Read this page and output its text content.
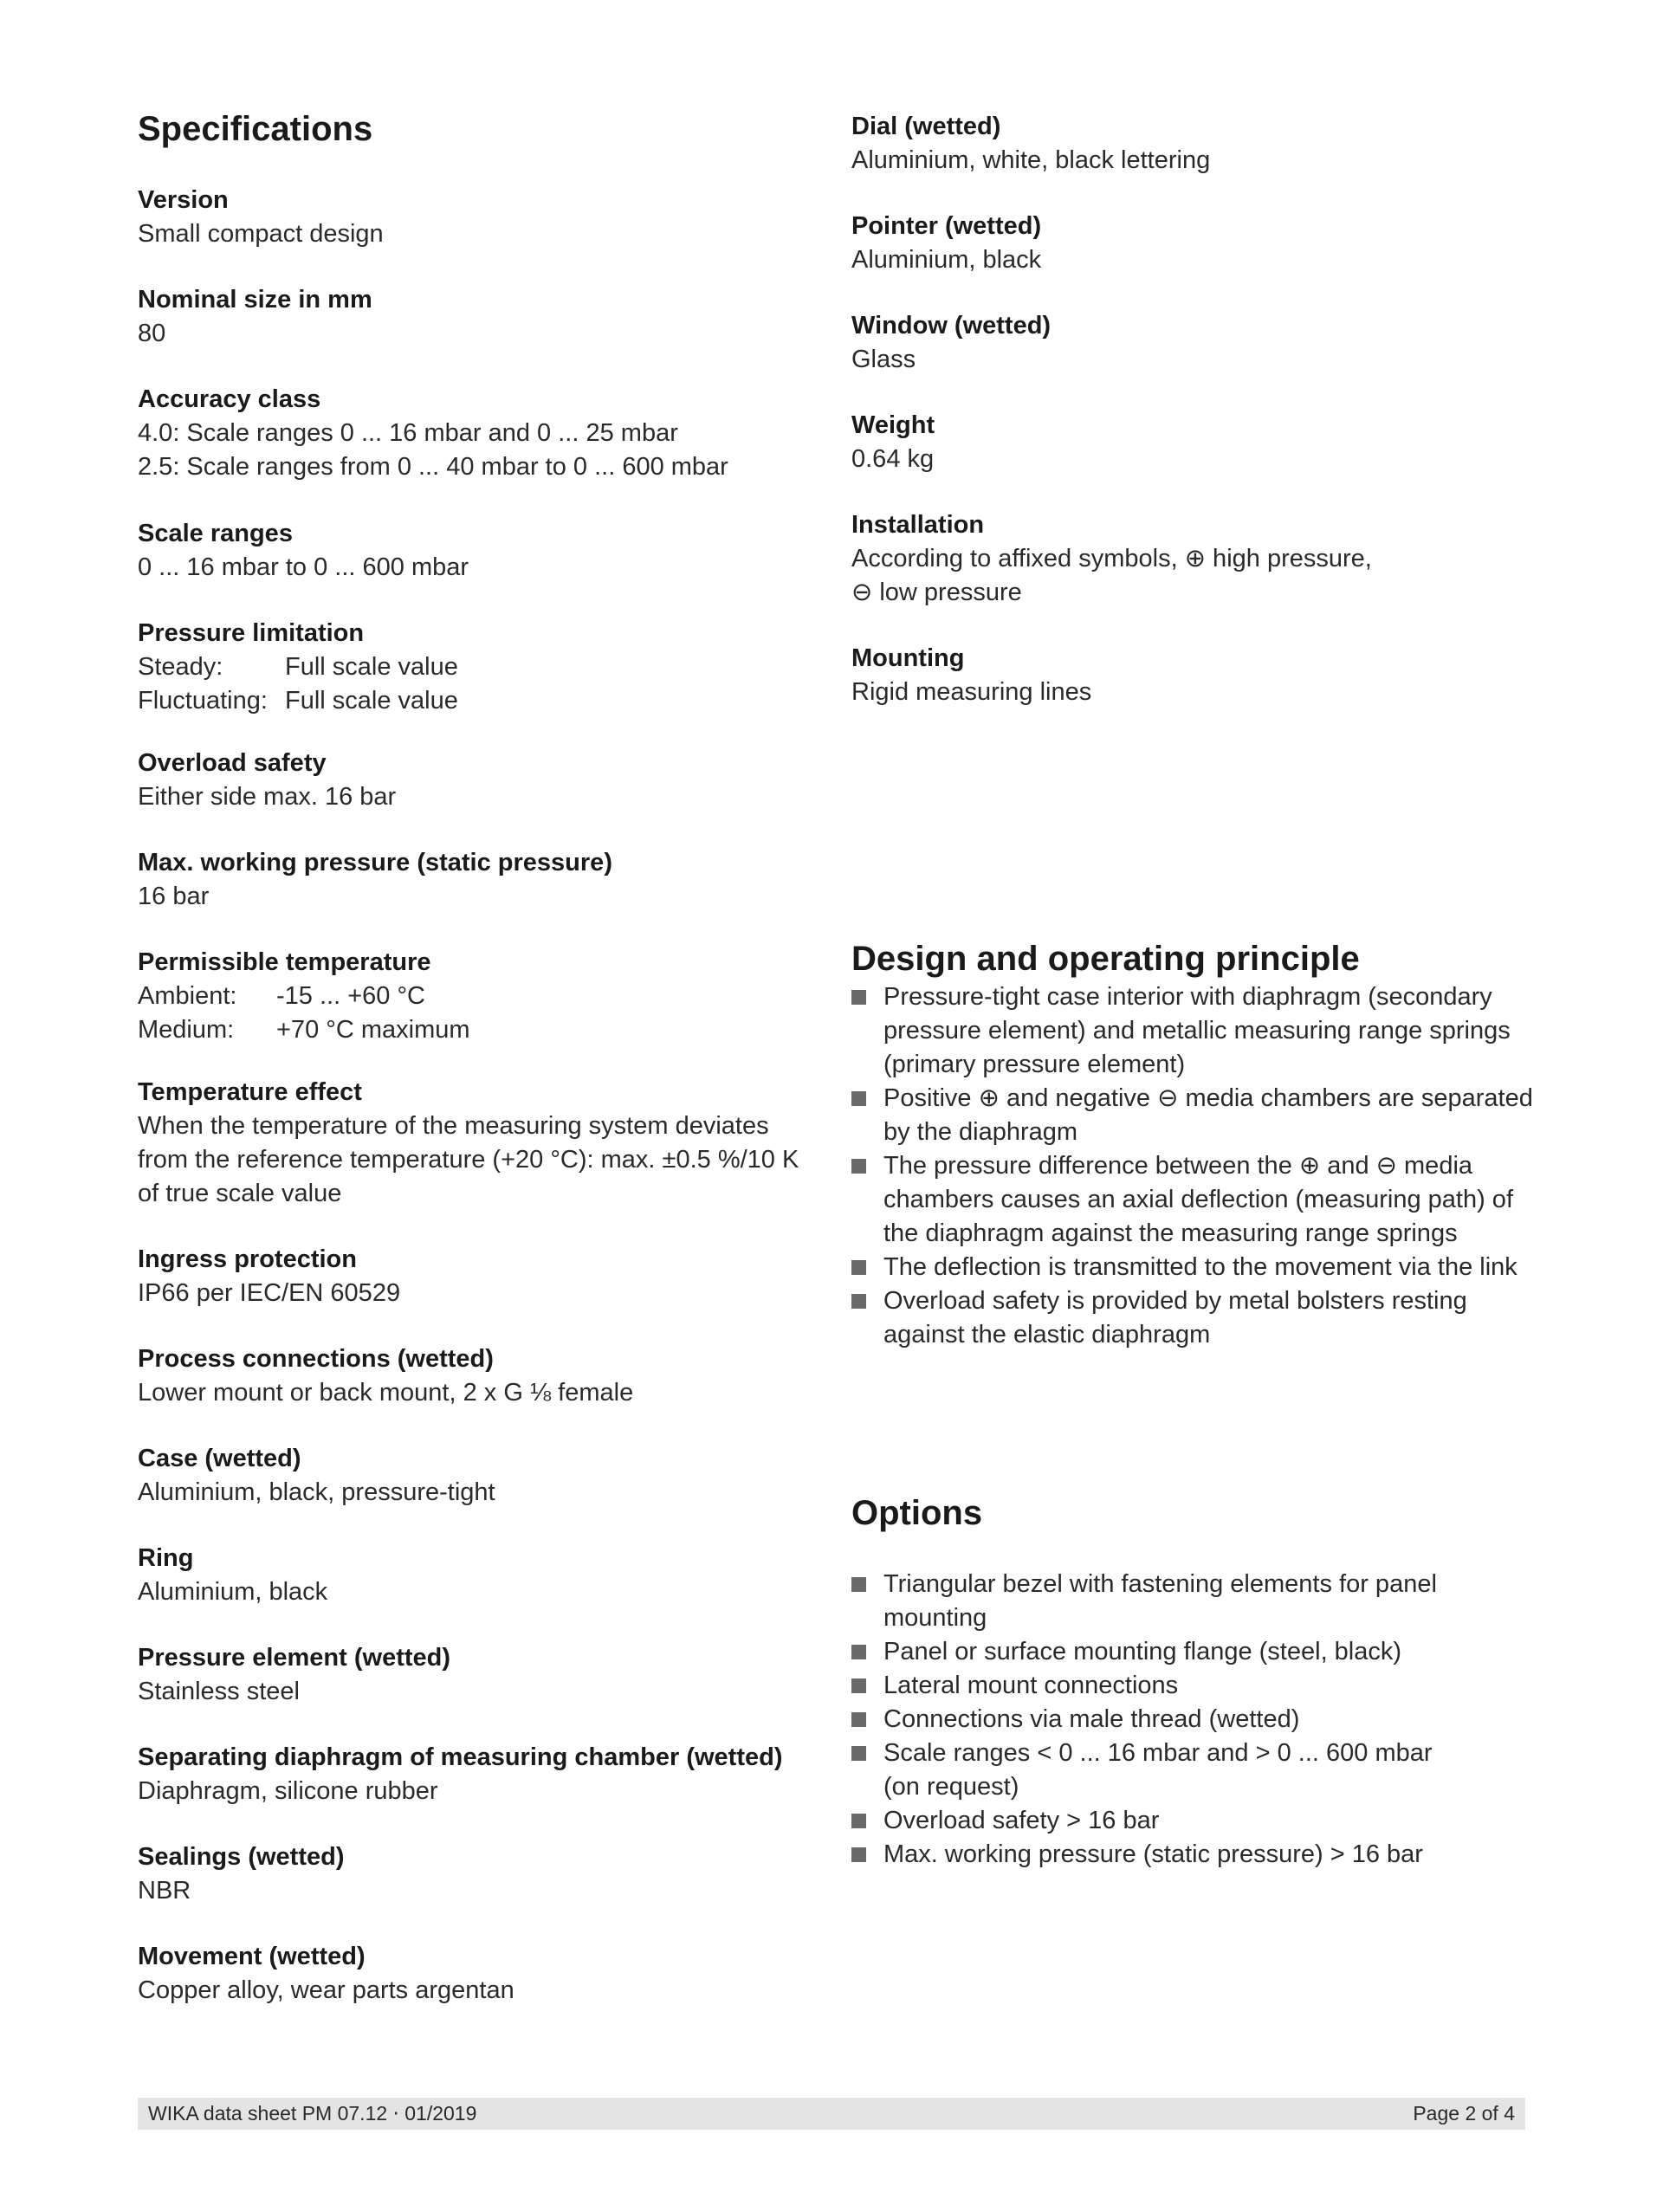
Specifications
Version
Small compact design
Nominal size in mm
80
Accuracy class
4.0: Scale ranges 0 ... 16 mbar and 0 ... 25 mbar
2.5: Scale ranges from 0 ... 40 mbar to 0 ... 600 mbar
Scale ranges
0 ... 16 mbar to 0 ... 600 mbar
Pressure limitation
Steady:	Full scale value
Fluctuating: Full scale value
Overload safety
Either side max. 16 bar
Max. working pressure (static pressure)
16 bar
Permissible temperature
Ambient:	-15 ... +60 °C
Medium:	+70 °C maximum
Temperature effect
When the temperature of the measuring system deviates
from the reference temperature (+20 °C): max. ±0.5 %/10 K
of true scale value
Ingress protection
IP66 per IEC/EN 60529
Process connections (wetted)
Lower mount or back mount, 2 x G ⅛ female
Case (wetted)
Aluminium, black, pressure-tight
Ring
Aluminium, black
Pressure element (wetted)
Stainless steel
Separating diaphragm of measuring chamber (wetted)
Diaphragm, silicone rubber
Sealings (wetted)
NBR
Movement (wetted)
Copper alloy, wear parts argentan
Dial (wetted)
Aluminium, white, black lettering
Pointer (wetted)
Aluminium, black
Window (wetted)
Glass
Weight
0.64 kg
Installation
According to affixed symbols, ⊕ high pressure,
⊖ low pressure
Mounting
Rigid measuring lines
Design and operating principle
Pressure-tight case interior with diaphragm (secondary
pressure element) and metallic measuring range springs
(primary pressure element)
Positive ⊕ and negative ⊖ media chambers are separated
by the diaphragm
The pressure difference between the ⊕ and ⊖ media
chambers causes an axial deflection (measuring path) of
the diaphragm against the measuring range springs
The deflection is transmitted to the movement via the link
Overload safety is provided by metal bolsters resting
against the elastic diaphragm
Options
Triangular bezel with fastening elements for panel
mounting
Panel or surface mounting flange (steel, black)
Lateral mount connections
Connections via male thread (wetted)
Scale ranges < 0 ... 16 mbar and > 0 ... 600 mbar
(on request)
Overload safety > 16 bar
Max. working pressure (static pressure) > 16 bar
WIKA data sheet PM 07.12 ⋅ 01/2019	Page 2 of 4
